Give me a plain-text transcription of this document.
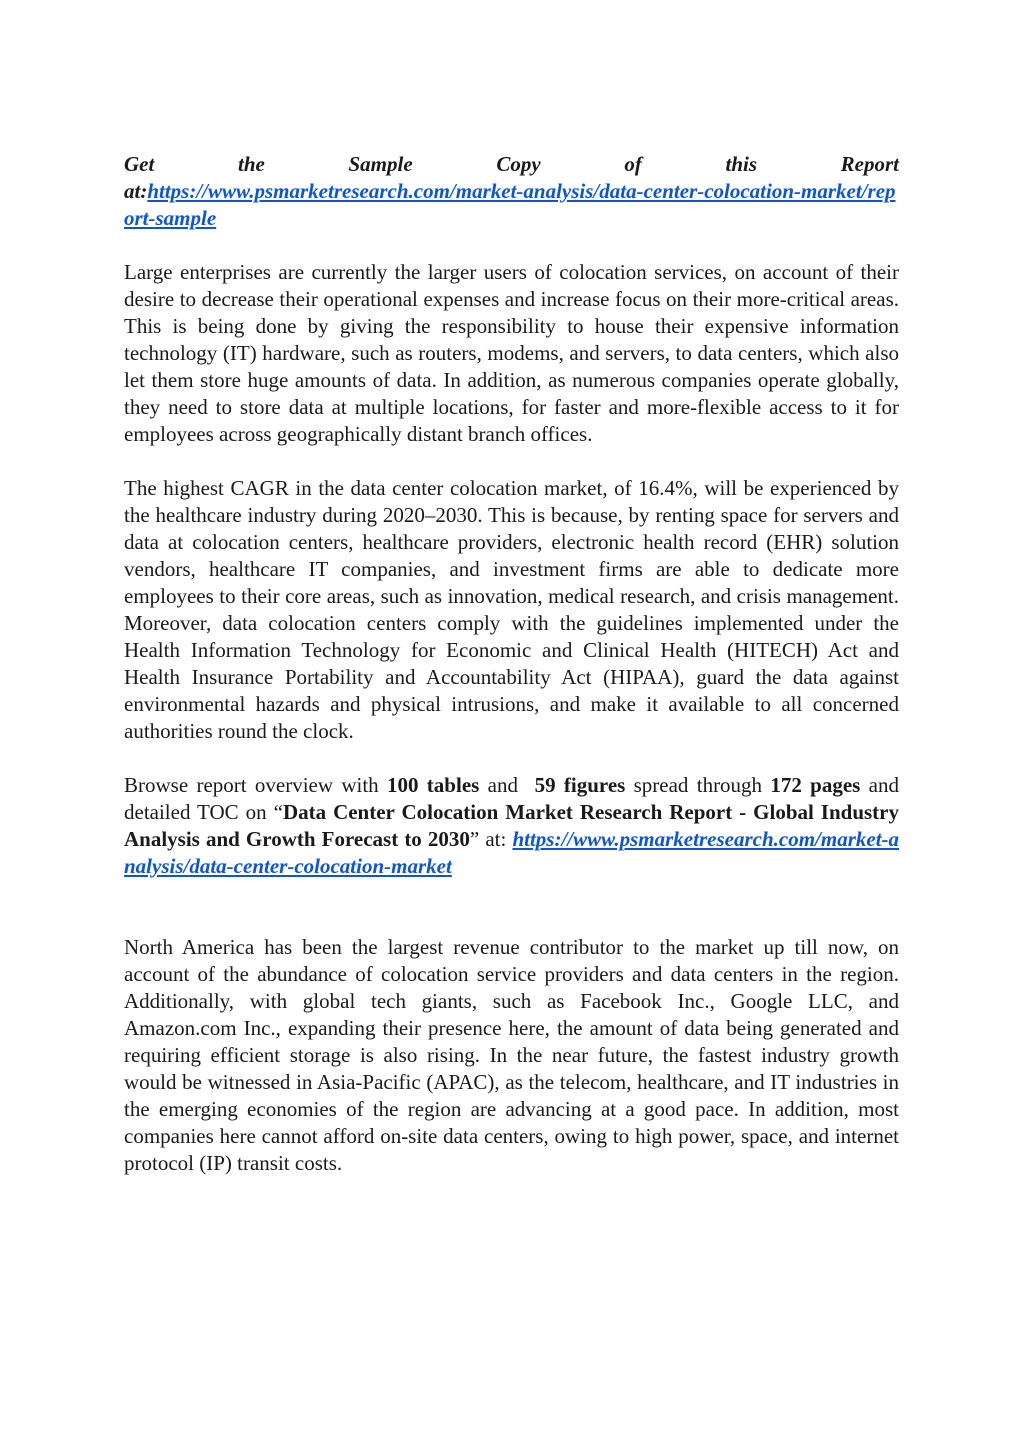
Get the Sample Copy of this Report
at:https://www.psmarketresearch.com/market-analysis/data-center-colocation-market/report-sample

Large enterprises are currently the larger users of colocation services, on account of their desire to decrease their operational expenses and increase focus on their more-critical areas. This is being done by giving the responsibility to house their expensive information technology (IT) hardware, such as routers, modems, and servers, to data centers, which also let them store huge amounts of data. In addition, as numerous companies operate globally, they need to store data at multiple locations, for faster and more-flexible access to it for employees across geographically distant branch offices.

The highest CAGR in the data center colocation market, of 16.4%, will be experienced by the healthcare industry during 2020–2030. This is because, by renting space for servers and data at colocation centers, healthcare providers, electronic health record (EHR) solution vendors, healthcare IT companies, and investment firms are able to dedicate more employees to their core areas, such as innovation, medical research, and crisis management. Moreover, data colocation centers comply with the guidelines implemented under the Health Information Technology for Economic and Clinical Health (HITECH) Act and Health Insurance Portability and Accountability Act (HIPAA), guard the data against environmental hazards and physical intrusions, and make it available to all concerned authorities round the clock.

Browse report overview with 100 tables and  59 figures spread through 172 pages and detailed TOC on “Data Center Colocation Market Research Report - Global Industry Analysis and Growth Forecast to 2030” at: https://www.psmarketresearch.com/market-analysis/data-center-colocation-market

North America has been the largest revenue contributor to the market up till now, on account of the abundance of colocation service providers and data centers in the region. Additionally, with global tech giants, such as Facebook Inc., Google LLC, and Amazon.com Inc., expanding their presence here, the amount of data being generated and requiring efficient storage is also rising. In the near future, the fastest industry growth would be witnessed in Asia-Pacific (APAC), as the telecom, healthcare, and IT industries in the emerging economies of the region are advancing at a good pace. In addition, most companies here cannot afford on-site data centers, owing to high power, space, and internet protocol (IP) transit costs.
